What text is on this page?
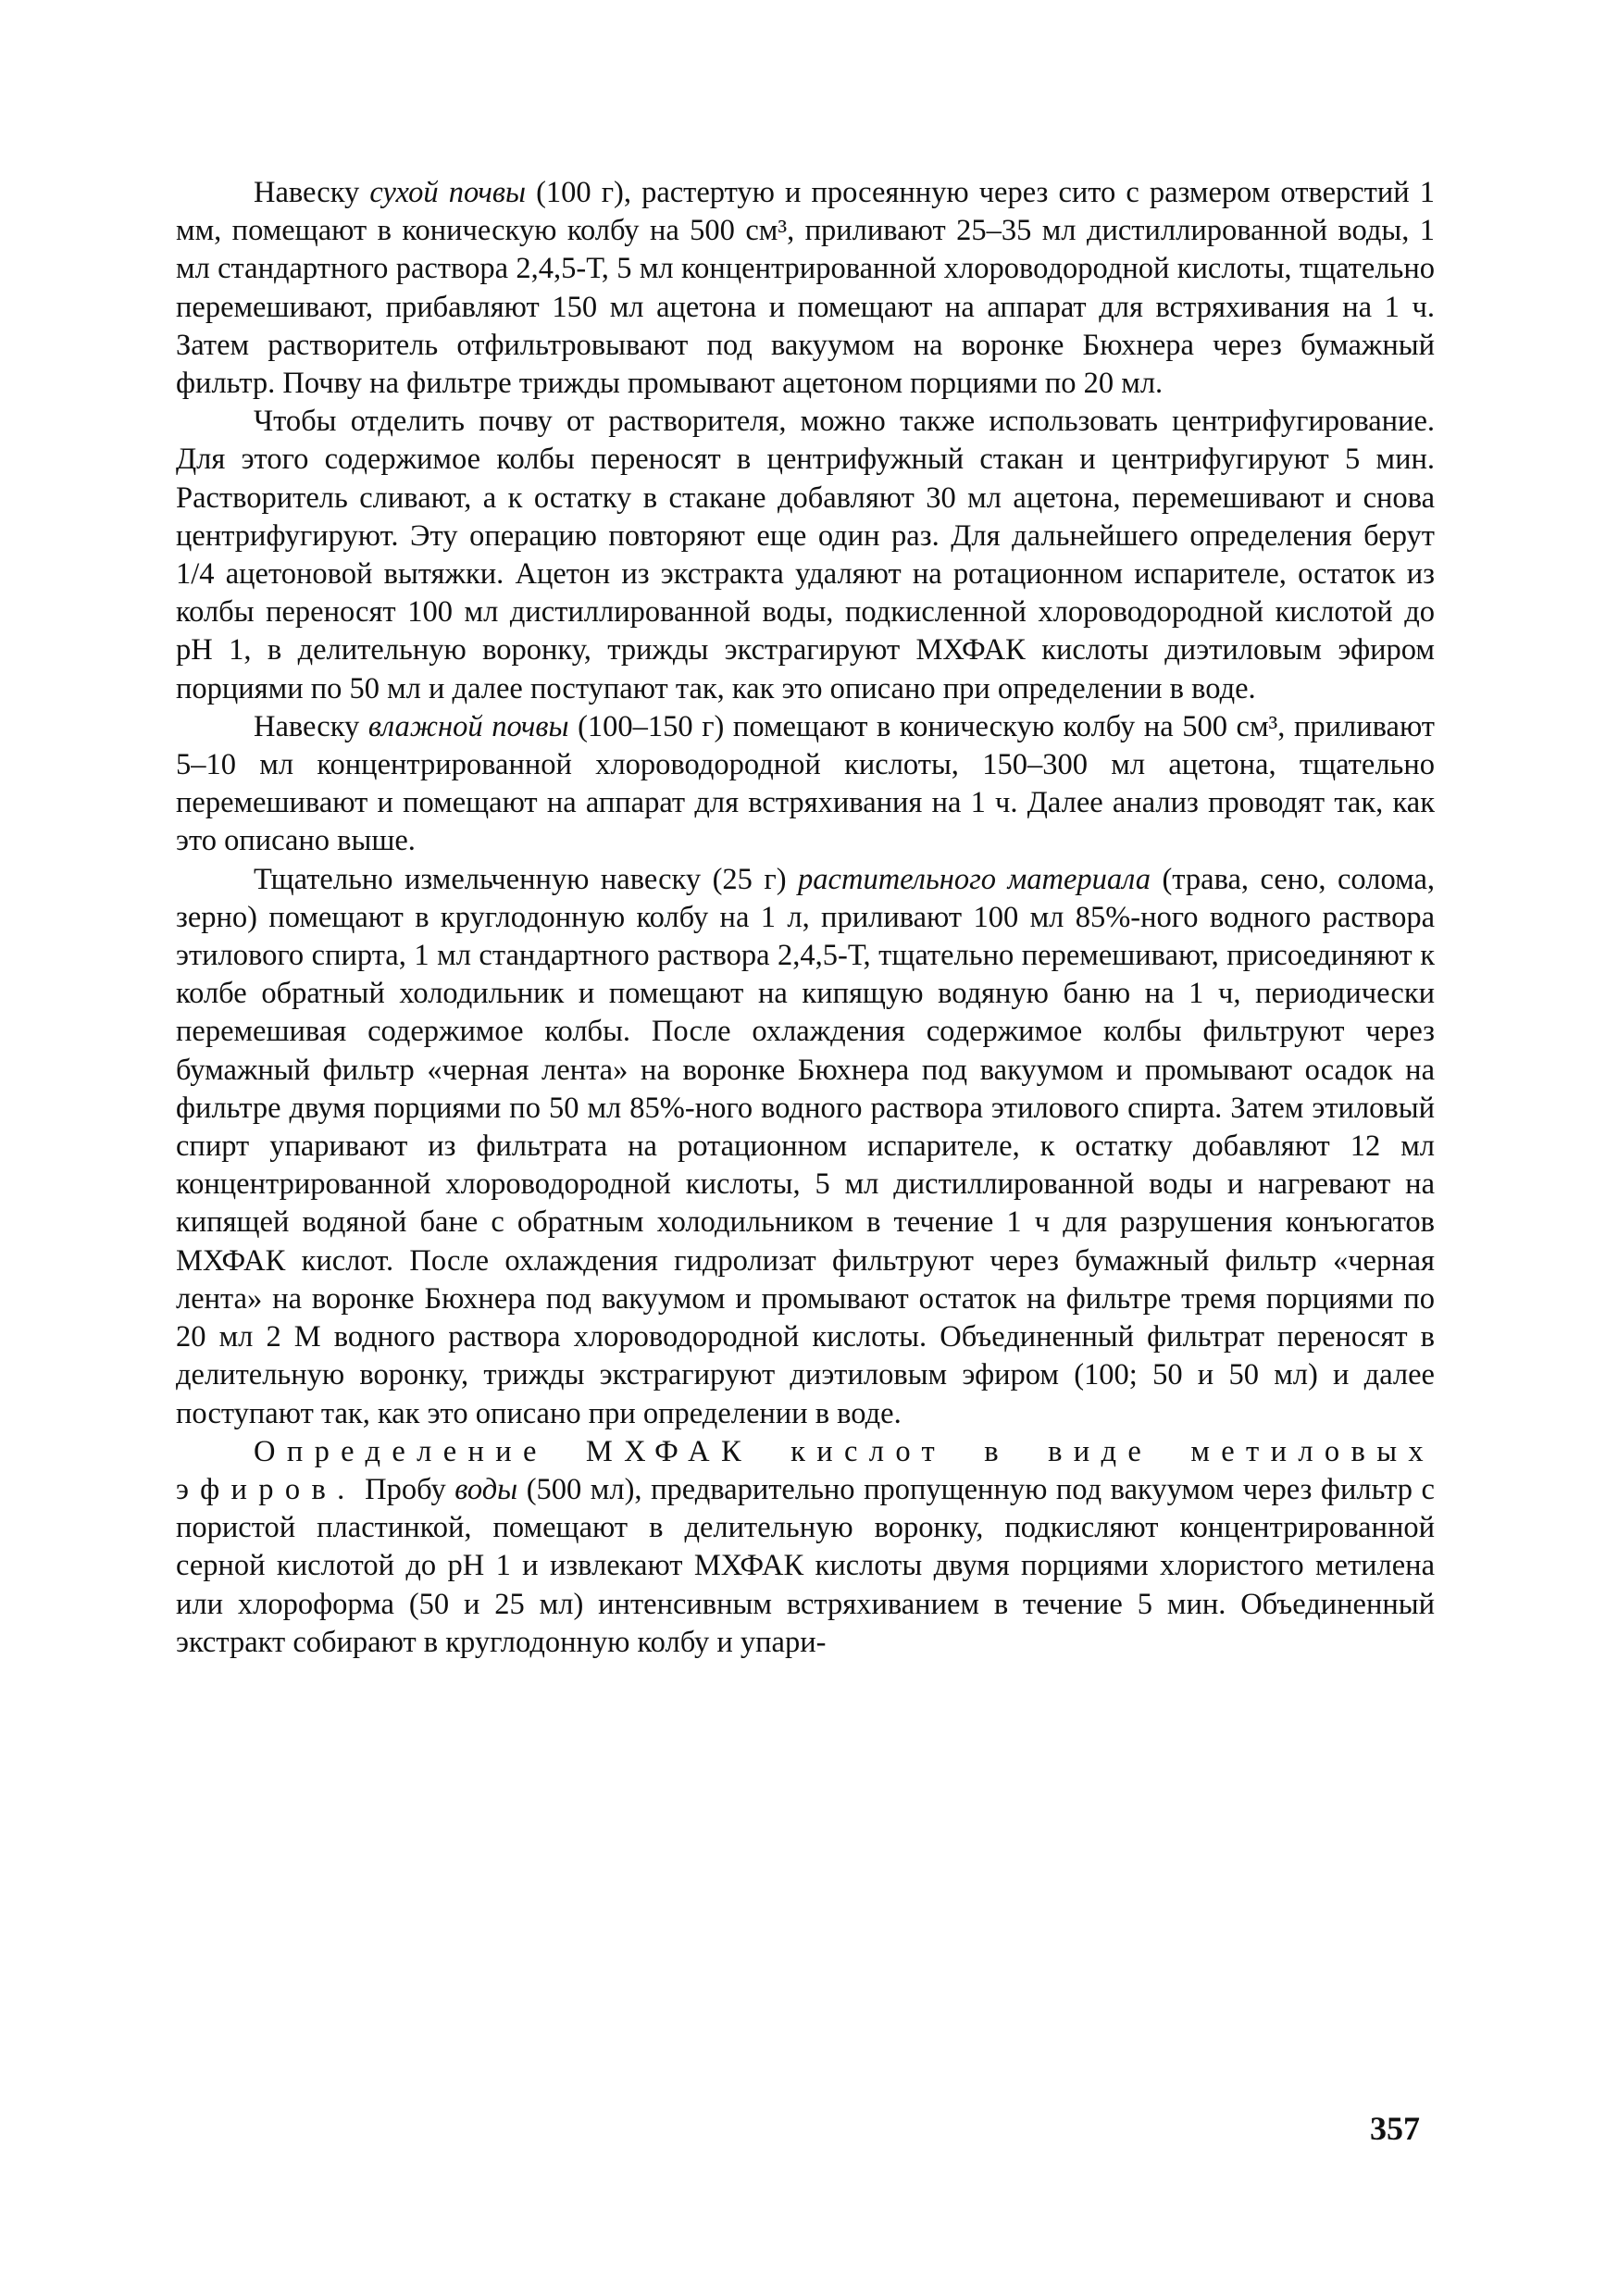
Навеску сухой почвы (100 г), растертую и просеянную через сито с размером отверстий 1 мм, помещают в коническую колбу на 500 см³, приливают 25–35 мл дистиллированной воды, 1 мл стандартного раствора 2,4,5-Т, 5 мл концентрированной хлороводородной кислоты, тщательно перемешивают, прибавляют 150 мл ацетона и помещают на аппарат для встряхивания на 1 ч. Затем растворитель отфильтровывают под вакуумом на воронке Бюхнера через бумажный фильтр. Почву на фильтре трижды промывают ацетоном порциями по 20 мл.

Чтобы отделить почву от растворителя, можно также использовать центрифугирование. Для этого содержимое колбы переносят в центрифужный стакан и центрифугируют 5 мин. Растворитель сливают, а к остатку в стакане добавляют 30 мл ацетона, перемешивают и снова центрифугируют. Эту операцию повторяют еще один раз. Для дальнейшего определения берут 1/4 ацетоновой вытяжки. Ацетон из экстракта удаляют на ротационном испарителе, остаток из колбы переносят 100 мл дистиллированной воды, подкисленной хлороводородной кислотой до pH 1, в делительную воронку, трижды экстрагируют МХФАК кислоты диэтиловым эфиром порциями по 50 мл и далее поступают так, как это описано при определении в воде.

Навеску влажной почвы (100–150 г) помещают в коническую колбу на 500 см³, приливают 5–10 мл концентрированной хлороводородной кислоты, 150–300 мл ацетона, тщательно перемешивают и помещают на аппарат для встряхивания на 1 ч. Далее анализ проводят так, как это описано выше.

Тщательно измельченную навеску (25 г) растительного материала (трава, сено, солома, зерно) помещают в круглодонную колбу на 1 л, приливают 100 мл 85%-ного водного раствора этилового спирта, 1 мл стандартного раствора 2,4,5-Т, тщательно перемешивают, присоединяют к колбе обратный холодильник и помещают на кипящую водяную баню на 1 ч, периодически перемешивая содержимое колбы. После охлаждения содержимое колбы фильтруют через бумажный фильтр «черная лента» на воронке Бюхнера под вакуумом и промывают осадок на фильтре двумя порциями по 50 мл 85%-ного водного раствора этилового спирта. Затем этиловый спирт упаривают из фильтрата на ротационном испарителе, к остатку добавляют 12 мл концентрированной хлороводородной кислоты, 5 мл дистиллированной воды и нагревают на кипящей водяной бане с обратным холодильником в течение 1 ч для разрушения конъюгатов МХФАК кислот. После охлаждения гидролизат фильтруют через бумажный фильтр «черная лента» на воронке Бюхнера под вакуумом и промывают остаток на фильтре тремя порциями по 20 мл 2 М водного раствора хлороводородной кислоты. Объединенный фильтрат переносят в делительную воронку, трижды экстрагируют диэтиловым эфиром (100; 50 и 50 мл) и далее поступают так, как это описано при определении в воде.

Определение МХФАК кислот в виде метиловых эфиров. Пробу воды (500 мл), предварительно пропущенную под вакуумом через фильтр с пористой пластинкой, помещают в делительную воронку, подкисляют концентрированной серной кислотой до pH 1 и извлекают МХФАК кислоты двумя порциями хлористого метилена или хлороформа (50 и 25 мл) интенсивным встряхиванием в течение 5 мин. Объединенный экстракт собирают в круглодонную колбу и упари-

357
